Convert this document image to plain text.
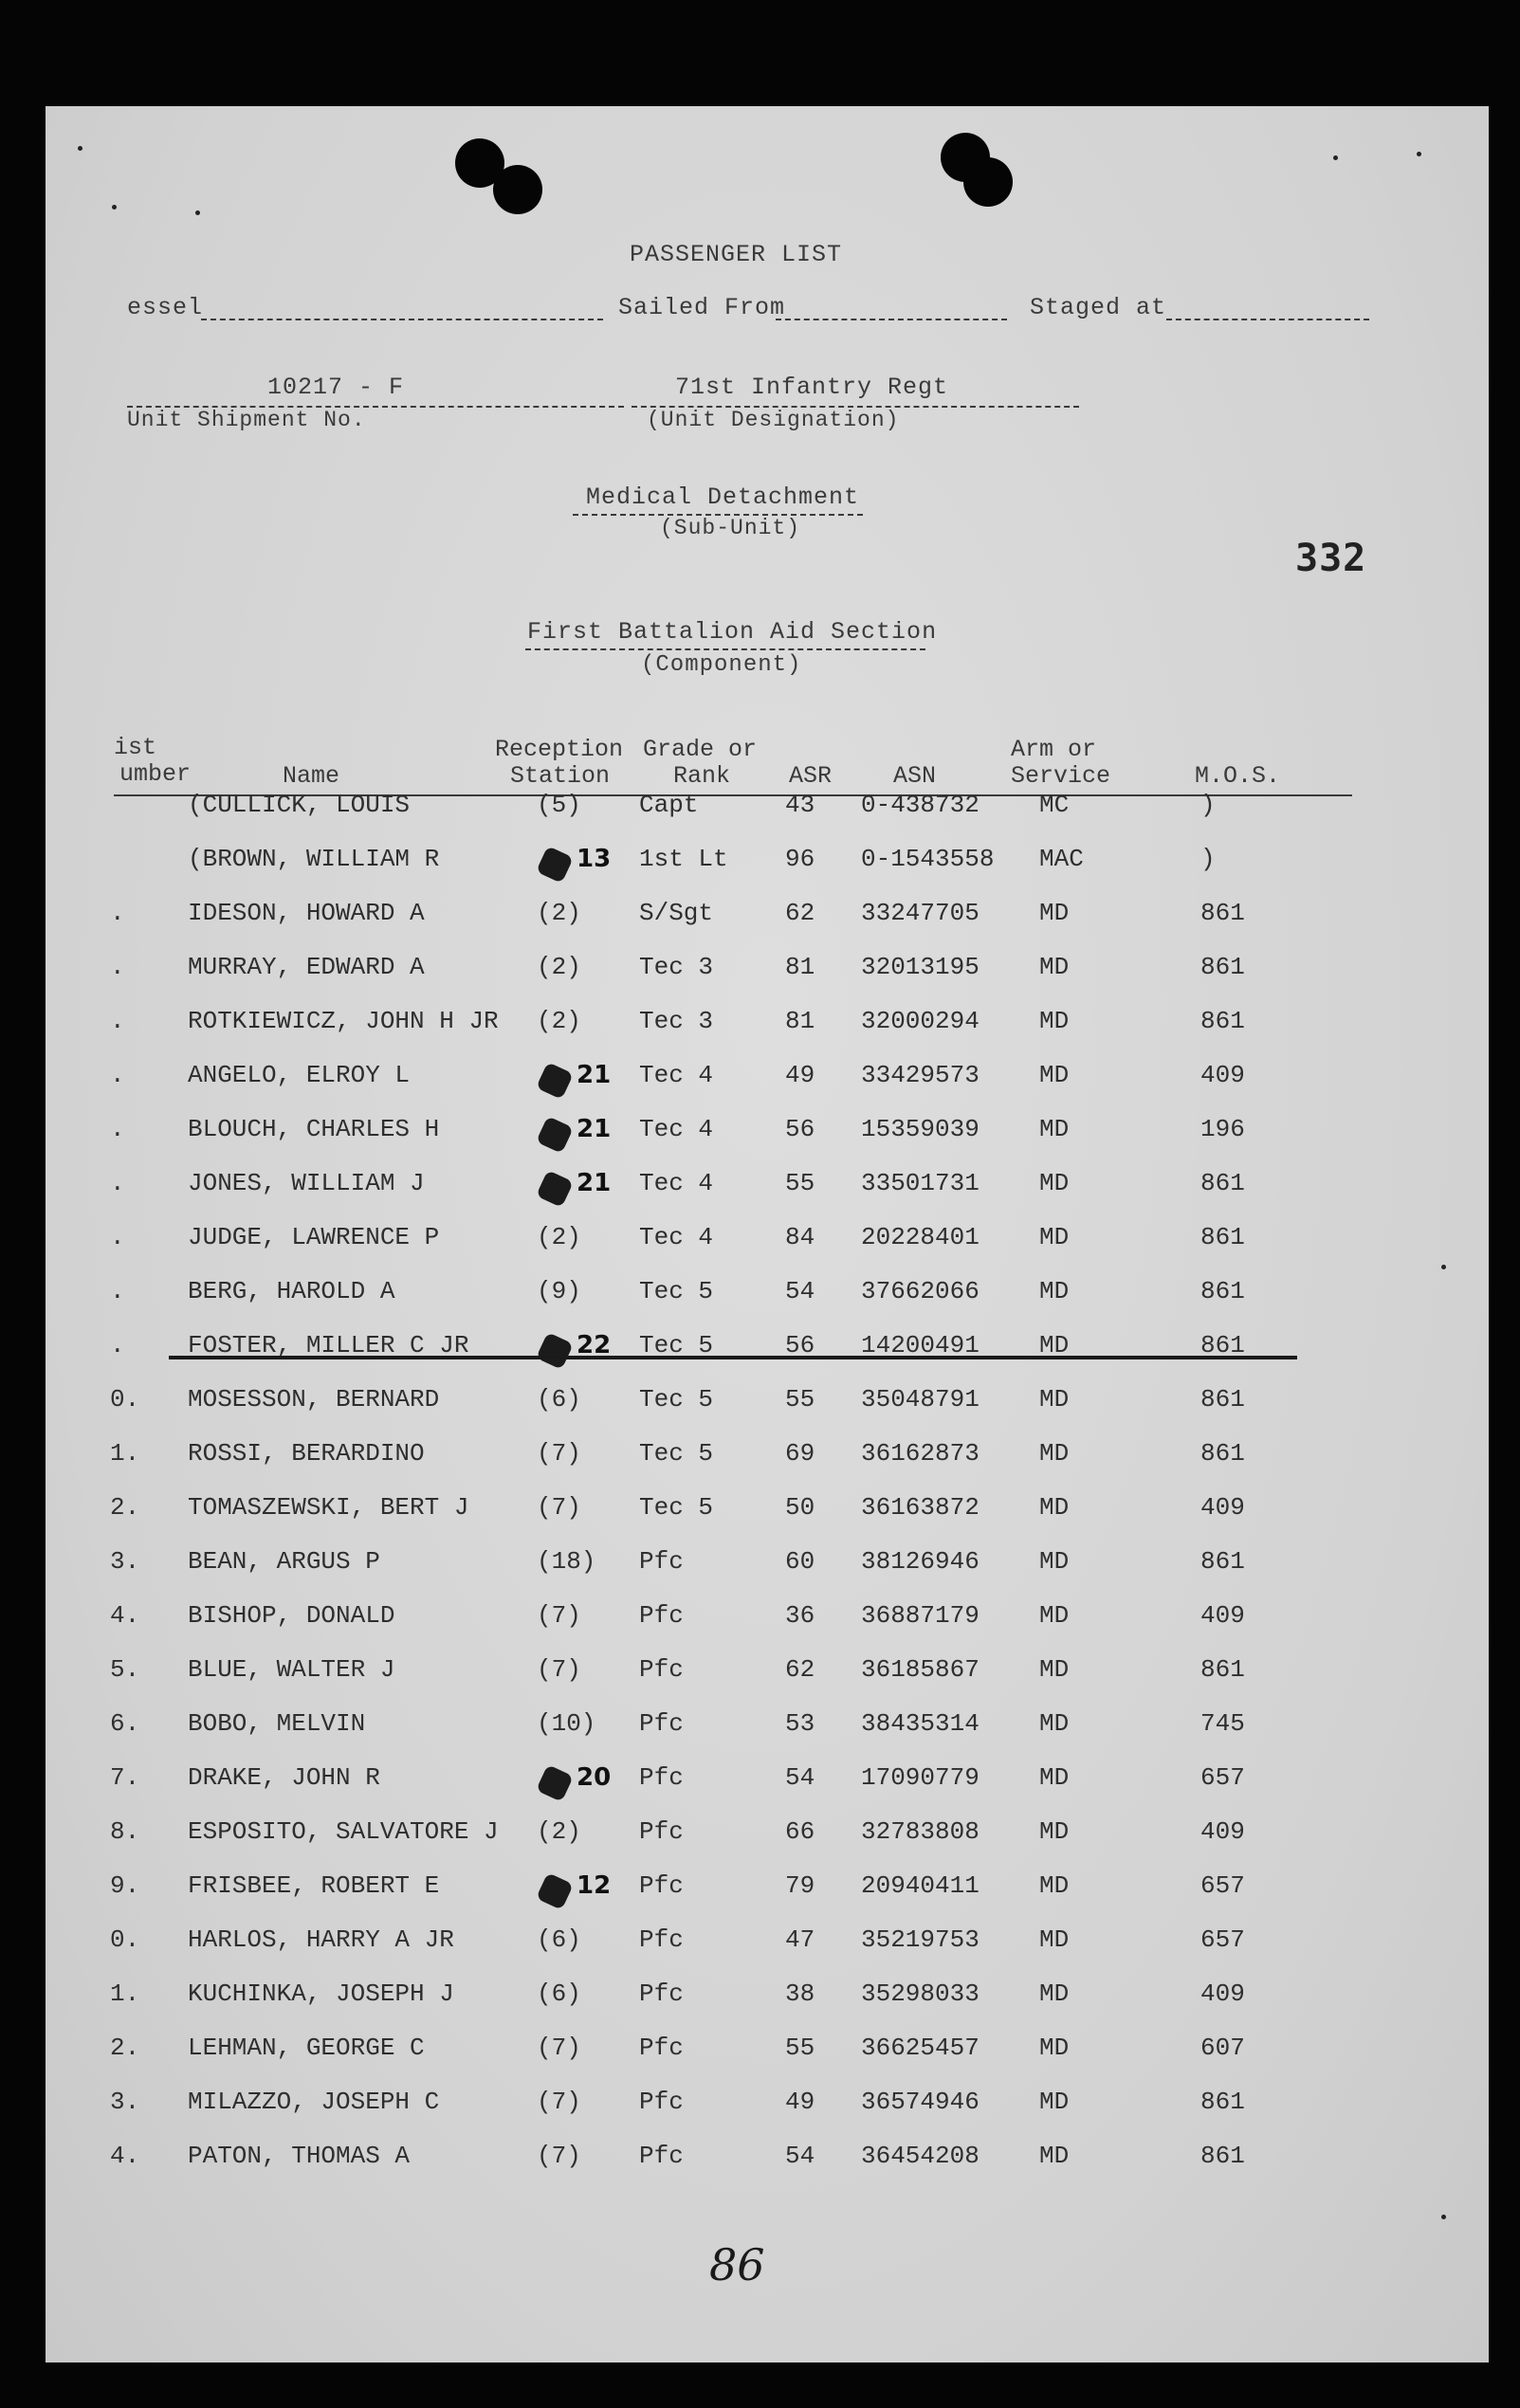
PASSENGER LIST
essel	Sailed From	Staged at
10217 - F
Unit Shipment No.
71st Infantry Regt
(Unit Designation)
Medical Detachment
(Sub-Unit)
332
First Battalion Aid Section
(Component)
ist
umber	Name
Reception
Station
Grade or
Rank ASR	ASN
Arm or
Service	M.O.S.
(CULLICK, LOUIS	(5) Capt	43 0-438732 MC	)
(BROWN, WILLIAM R	13 1st Lt 96 0-1543558 MAC	)
.	IDESON, HOWARD A	(2) S/Sgt	62 33247705 MD	861
.	MURRAY, EDWARD A	(2) Tec 3	81 32013195 MD	861
.	ROTKIEWICZ, JOHN H JR (2) Tec 3	81 32000294 MD	861
.	ANGELO, ELROY L	21 Tec 4	49 33429573 MD	409
.	BLOUCH, CHARLES H	21 Tec 4	56 15359039 MD	196
.	JONES, WILLIAM J	21 Tec 4	55 33501731 MD	861
.	JUDGE, LAWRENCE P	(2) Tec 4	84 20228401 MD	861
.	BERG, HAROLD A	(9) Tec 5	54 37662066 MD	861
.	FOSTER, MILLER C JR	22 Tec 5	56 14200491 MD	861
0. MOSESSON, BERNARD	(6) Tec 5	55 35048791 MD	861
1. ROSSI, BERARDINO	(7) Tec 5	69 36162873 MD	861
2. TOMASZEWSKI, BERT J	(7) Tec 5	50 36163872 MD	409
3. BEAN, ARGUS P	(18) Pfc	60 38126946 MD	861
4. BISHOP, DONALD	(7) Pfc	36 36887179 MD	409
5. BLUE, WALTER J	(7) Pfc	62 36185867 MD	861
6. BOBO, MELVIN	(10) Pfc	53 38435314 MD	745
7. DRAKE, JOHN R	20 Pfc	54 17090779 MD	657
8. ESPOSITO, SALVATORE J (2) Pfc	66 32783808 MD	409
9. FRISBEE, ROBERT E	12 Pfc	79 20940411 MD	657
0. HARLOS, HARRY A JR	(6) Pfc	47 35219753 MD	657
1. KUCHINKA, JOSEPH J	(6) Pfc	38 35298033 MD	409
2. LEHMAN, GEORGE C	(7) Pfc	55 36625457 MD	607
3. MILAZZO, JOSEPH C	(7) Pfc	49 36574946 MD	861
4. PATON, THOMAS A	(7) Pfc	54 36454208 MD	861
86
